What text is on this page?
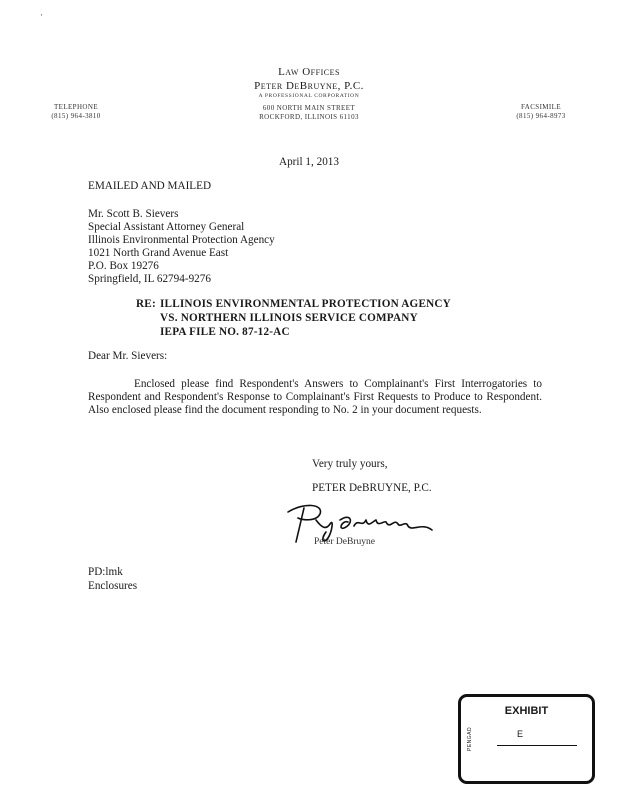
·
Law Offices
Peter DeBruyne, P.C.
A PROFESSIONAL CORPORATION
600 NORTH MAIN STREET
ROCKFORD, ILLINOIS 61103
TELEPHONE
(815) 964-3810
FACSIMILE
(815) 964-8973
April 1, 2013
EMAILED AND MAILED
Mr. Scott B. Sievers
Special Assistant Attorney General
Illinois Environmental Protection Agency
1021 North Grand Avenue East
P.O. Box 19276
Springfield, IL 62794-9276
RE: ILLINOIS ENVIRONMENTAL PROTECTION AGENCY
VS. NORTHERN ILLINOIS SERVICE COMPANY
IEPA FILE NO. 87-12-AC
Dear Mr. Sievers:
Enclosed please find Respondent's Answers to Complainant's First Interrogatories to Respondent and Respondent's Response to Complainant's First Requests to Produce to Respondent. Also enclosed please find the document responding to No. 2 in your document requests.
Very truly yours,
PETER DeBRUYNE, P.C.
Peter DeBruyne
PD:lmk
Enclosures
EXHIBIT
E
PENGAD
